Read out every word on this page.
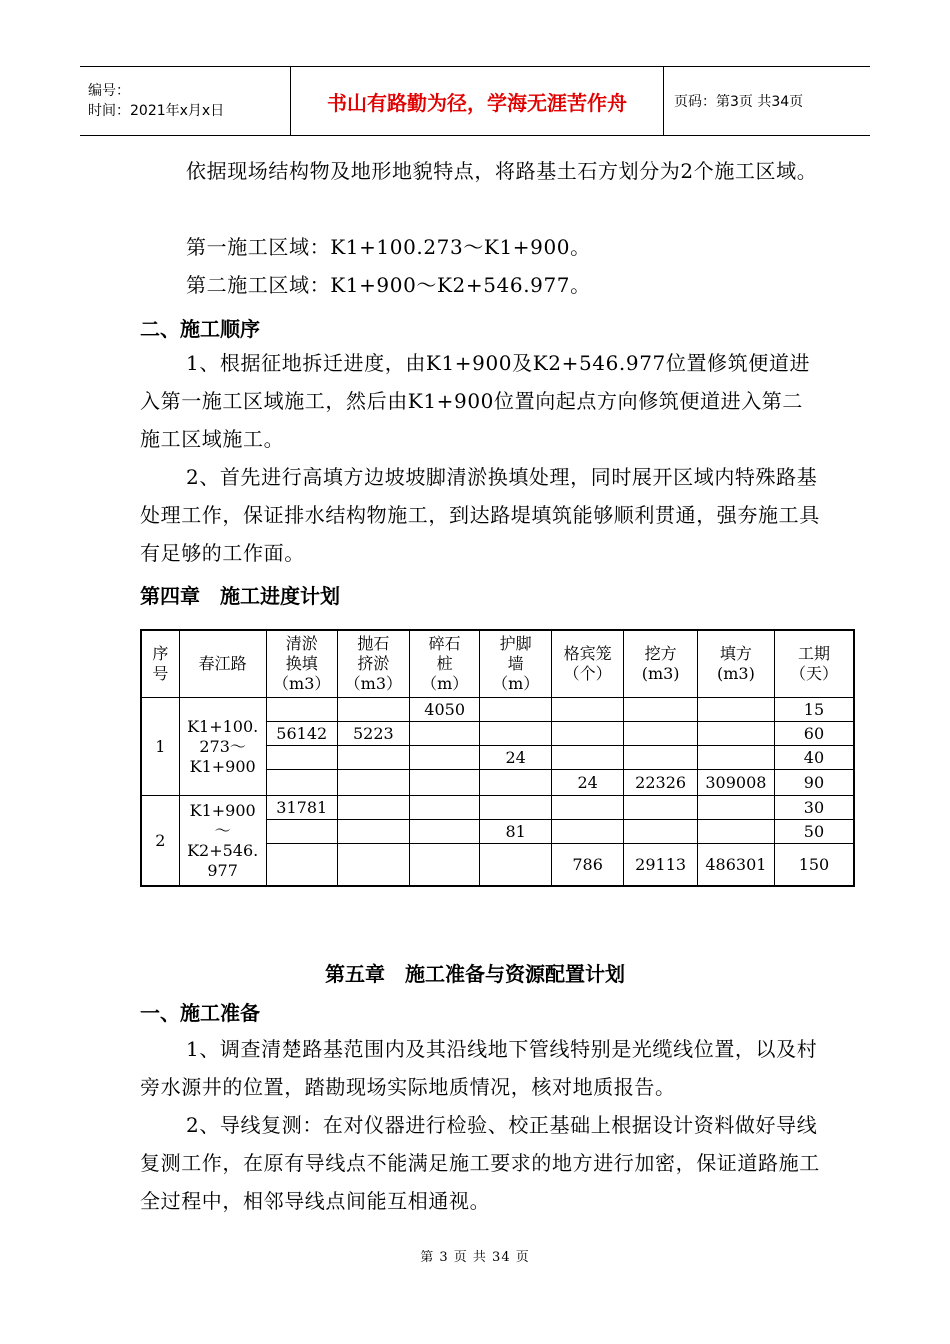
编号：
时间：2021年x月x日	书山有路勤为径，学海无涯苦作舟	页码：第3页 共34页
依据现场结构物及地形地貌特点，将路基土石方划分为2个施工区域。
第一施工区域：K1+100.273～K1+900。
第二施工区域：K1+900～K2+546.977。
二、施工顺序
1、根据征地拆迁进度，由K1+900及K2+546.977位置修筑便道进入第一施工区域施工，然后由K1+900位置向起点方向修筑便道进入第二施工区域施工。
2、首先进行高填方边坡坡脚清淤换填处理，同时展开区域内特殊路基处理工作，保证排水结构物施工，到达路堤填筑能够顺利贯通，强夯施工具有足够的工作面。
第四章　施工进度计划
序
号	春江路	清淤
换填
（m3）	抛石
挤淤
（m3）	碎石
桩
（m）	护脚
墙
（m）	格宾笼
（个）	挖方
(m3)	填方
(m3)	工期
（天）
1	K1+100.
273～
K1+900			4050					15
		56142	5223						60
					24				40
						24	22326	309008	90
2	K1+900
～
K2+546.
977	31781							30
					81				50
						786	29113	486301	150
第五章　施工准备与资源配置计划
一、施工准备
1、调查清楚路基范围内及其沿线地下管线特别是光缆线位置，以及村旁水源井的位置，踏勘现场实际地质情况，核对地质报告。
2、导线复测：在对仪器进行检验、校正基础上根据设计资料做好导线复测工作，在原有导线点不能满足施工要求的地方进行加密，保证道路施工全过程中，相邻导线点间能互相通视。
第 3 页 共 34 页
